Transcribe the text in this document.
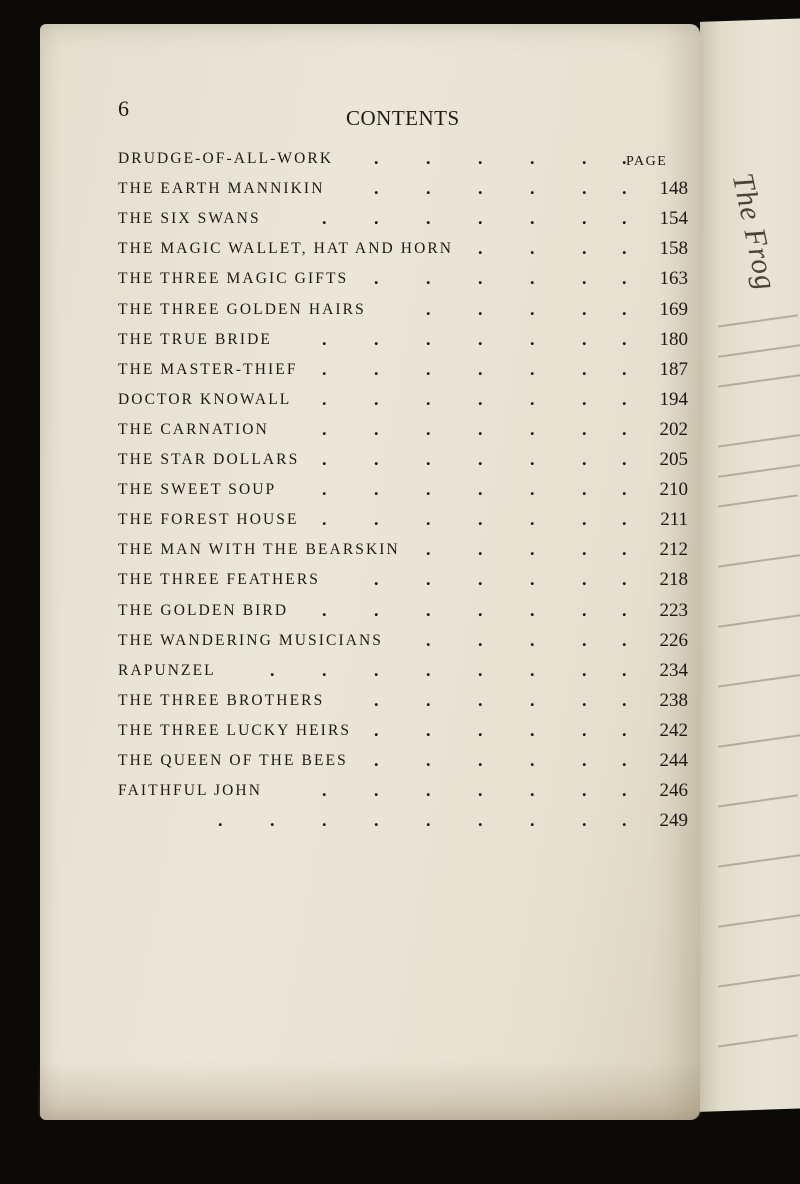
The Frog
6	CONTENTS
PAGE
DRUDGE-OF-ALL-WORK .	.	.	.	. .
THE EARTH MANNIKIN	148
.	.	.	.	. .
THE SIX SWANS	154
.	.	.	.	.	. .
THE MAGIC WALLET, HAT AND HORN	158
.	.	. .
THE THREE MAGIC GIFTS	163
.	.	.	.	. .
THE THREE GOLDEN HAIRS	169
.	.	.	. .
THE TRUE BRIDE	180
.	.	.	.	.	. .
THE MASTER-THIEF	187
.	.	.	.	.	. .
DOCTOR KNOWALL	194
.	.	.	.	.	. .
THE CARNATION	202
.	.	.	.	.	. .
THE STAR DOLLARS	205
.	.	.	.	.	. .
THE SWEET SOUP	210
.	.	.	.	.	. .
THE FOREST HOUSE	211
.	.	.	.	.	. .
THE MAN WITH THE BEARSKIN	212
.	.	.	. .
THE THREE FEATHERS	218
.	.	.	.	. .
THE GOLDEN BIRD	223
.	.	.	.	.	. .
THE WANDERING MUSICIANS	226
.	.	.	. .
RAPUNZEL	234
.	.	.	.	.	.	. .
THE THREE BROTHERS	238
.	.	.	.	. .
THE THREE LUCKY HEIRS	242
.	.	.	.	. .
THE QUEEN OF THE BEES	244
.	.	.	.	. .
FAITHFUL JOHN	246
.	.	.	.	.	. .
249
.	.	.	.	.	.	.	. .
